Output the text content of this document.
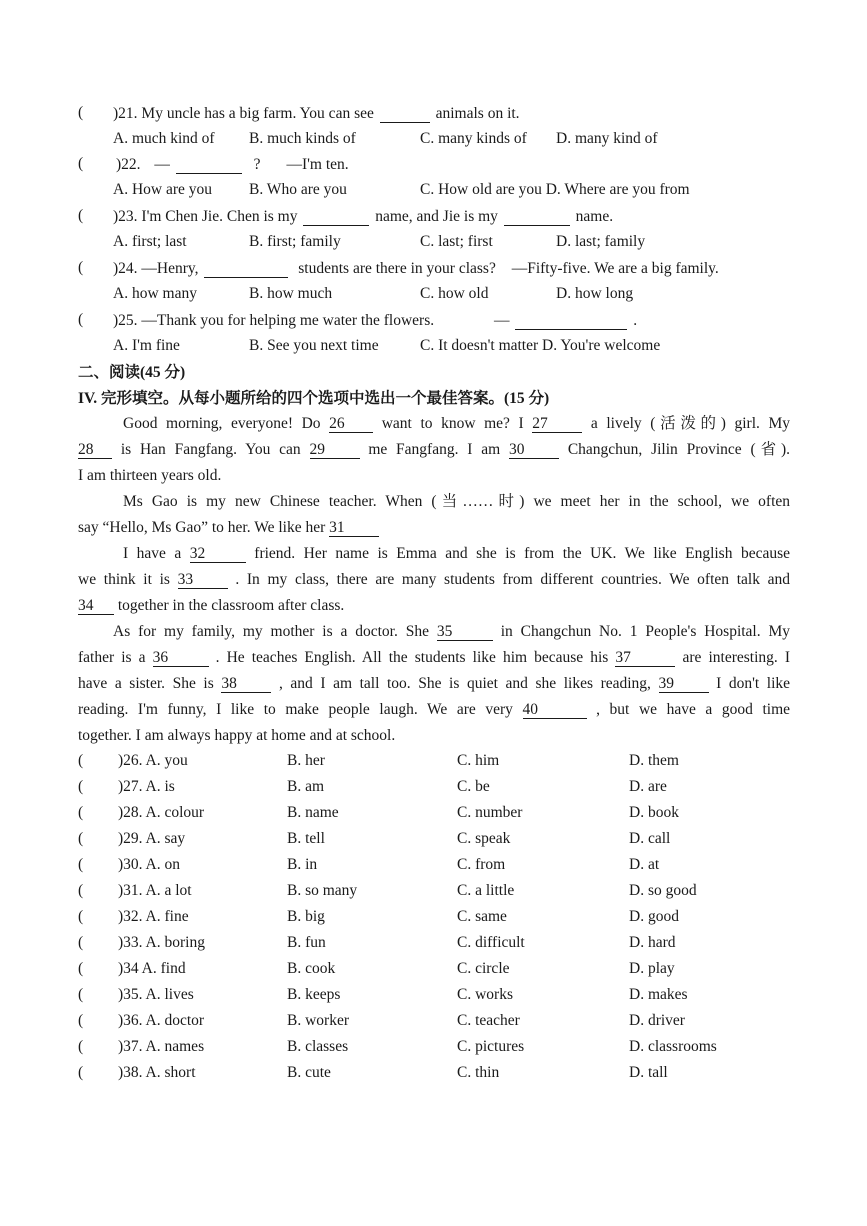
( )21. My uncle has a big farm. You can see	animals on it.
A. much kind of B. much kinds of	C. many kinds of D. many kind of
( )22. —	? —I'm ten.
A. How are you B. Who are you	C. How old are you D. Where are you from
( )23. I'm Chen Jie. Chen is my	name, and Jie is my	name.
A. first; last	B. first; family	C. last; first	D. last; family
( )24. —Henry,	students are there in your class? —Fifty-five. We are a big family.
A. how many	B. how much	C. how old	D. how long
( )25. —Thank you for helping me water the flowers.	—	.
A. I'm fine	B. See you next time	C. It doesn't matter D. You're welcome
二、阅读(45 分)
IV. 完形填空。从每小题所给的四个选项中选出一个最佳答案。(15 分)
Good morning, everyone! Do 26 want to know me? I 27	a lively (活泼的) girl. My
28 is Han Fangfang. You can 29	me Fangfang. I am 30	Changchun, Jilin Province (省).
I am thirteen years old.
Ms Gao is my new Chinese teacher. When (当……时) we meet her in the school, we often
say “Hello, Ms Gao” to her. We like her 31
I have a 32	friend. Her name is Emma and she is from the UK. We like English because
we think it is 33	. In my class, there are many students from different countries. We often talk and
34 together in the classroom after class.
As for my family, my mother is a doctor. She 35	in Changchun No. 1 People's Hospital. My
father is a 36	. He teaches English. All the students like him because his 37	are interesting. I
have a sister. She is 38	, and I am tall too. She is quiet and she likes reading, 39	I don't like
reading. I'm funny, I like to make people laugh. We are very 40	, but we have a good time
together. I am always happy at home and at school.
( )26. A. you	B. her	C. him	D. them
( )27. A. is	B. am	C. be	D. are
( )28. A. colour	B. name	C. number	D. book
( )29. A. say	B. tell	C. speak	D. call
( )30. A. on	B. in	C. from	D. at
( )31. A. a lot	B. so many	C. a little	D. so good
( )32. A. fine	B. big	C. same	D. good
( )33. A. boring	B. fun	C. difficult	D. hard
( )34 A. find	B. cook	C. circle	D. play
( )35. A. lives	B. keeps	C. works	D. makes
( )36. A. doctor	B. worker	C. teacher	D. driver
( )37. A. names	B. classes	C. pictures	D. classrooms
( )38. A. short	B. cute	C. thin	D. tall
